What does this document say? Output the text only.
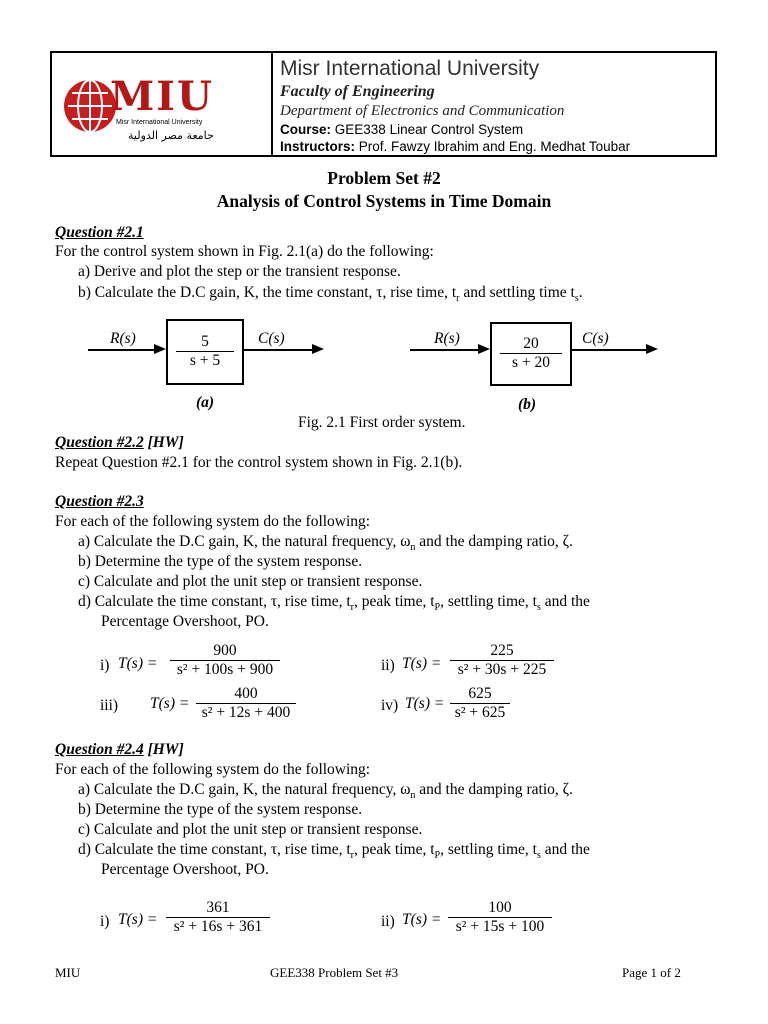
MIU
Misr International University
جامعة مصر الدولية
Misr International University
Faculty of Engineering
Department of Electronics and Communication
Course: GEE338 Linear Control System
Instructors: Prof. Fawzy Ibrahim and Eng. Medhat Toubar
Problem Set #2
Analysis of Control Systems in Time Domain
Question #2.1
For the control system shown in Fig. 2.1(a) do the following:
a) Derive and plot the step or the transient response.
b) Calculate the D.C gain, K, the time constant, τ, rise time, $t_r$ and settling time $t_s$.
R(s)	$\frac{5}{s + 5} C(s)$
(a)
R(s)	$\frac{20}{s + 20} C(s)$
(b)
Fig. 2.1 First order system.
Question #2.2 [HW]
Repeat Question #2.1 for the control system shown in Fig. 2.1(b).
Question #2.3
For each of the following system do the following:
a) Calculate the D.C gain, K, the natural frequency, $\omega_n$ and the damping ratio, ζ.
b) Determine the type of the system response.
c) Calculate and plot the unit step or transient response.
d) Calculate the time constant, τ, rise time, $t_r$, peak time, $t_P$, settling time, $t_s$ and the
Percentage Overshoot, PO.
i) $T(s) = \frac{900}{\text{s² + 100s + 900}}$	ii) $T(s) = \frac{225}{\text{s² + 30s + 225}}$
iii) $T(s) = \frac{400}{\text{s² + 12s + 400}}$	iv) $T(s) = \frac{625}{\text{s² + 625}}$
Question #2.4 [HW]
For each of the following system do the following:
a) Calculate the D.C gain, K, the natural frequency, $\omega_n$ and the damping ratio, ζ.
b) Determine the type of the system response.
c) Calculate and plot the unit step or transient response.
d) Calculate the time constant, τ, rise time, $t_r$, peak time, $t_P$, settling time, $t_s$ and the
Percentage Overshoot, PO.
i) $T(s) = \frac{361}{\text{s² + 16s + 361}}$	ii) $T(s) = \frac{100}{\text{s² + 15s + 100}}$
MIU	GEE338 Problem Set #3	Page 1 of 2
